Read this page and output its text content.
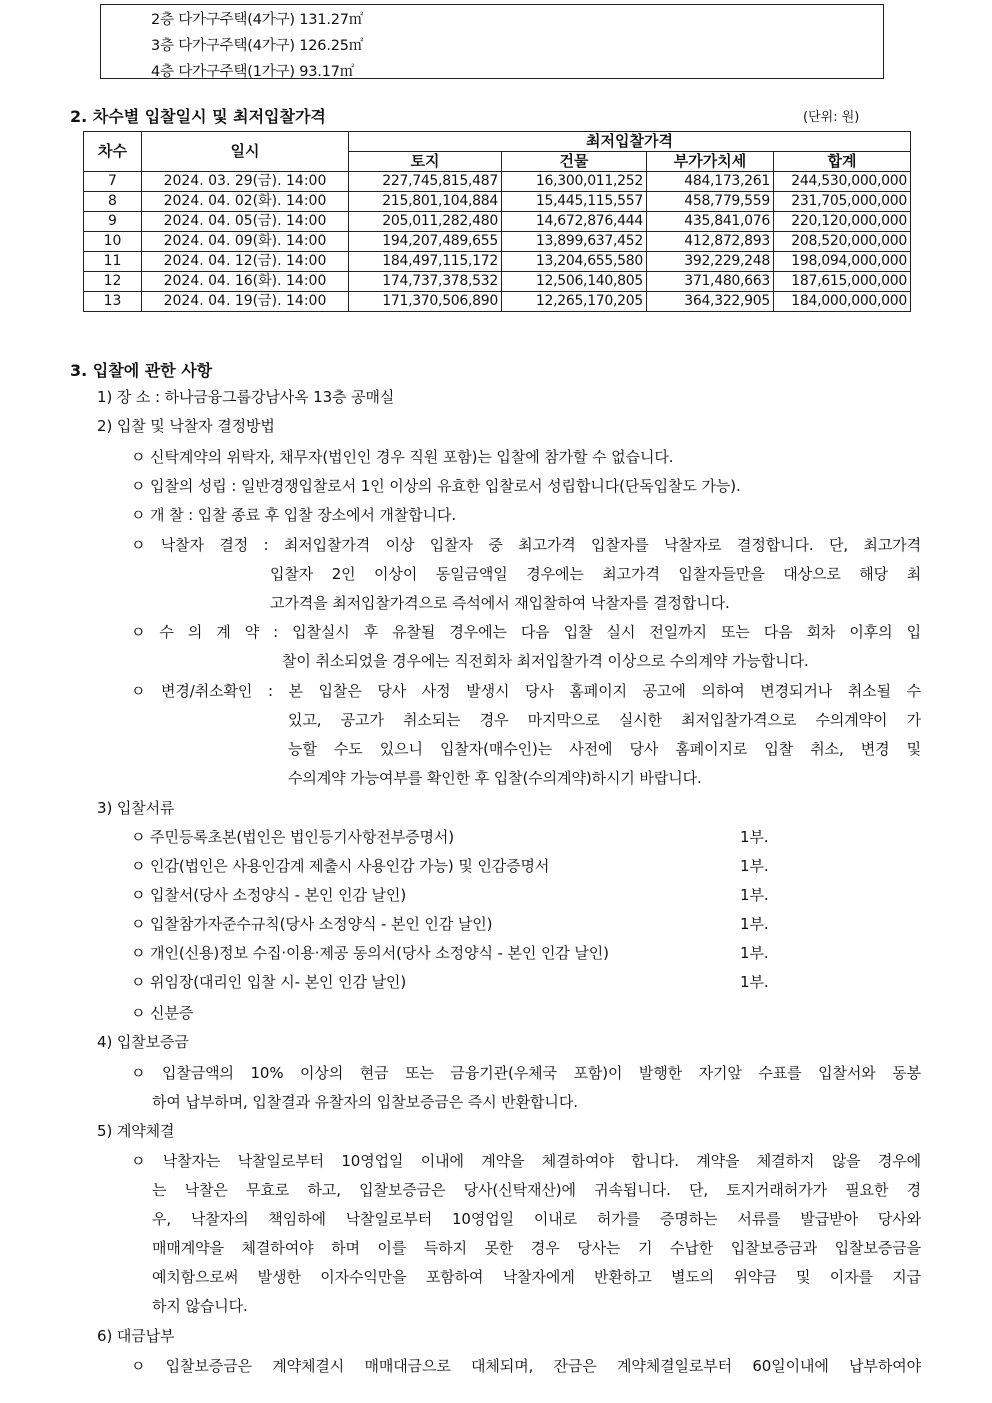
2층 다가구주택(4가구) 131.27㎡
3층 다가구주택(4가구) 126.25㎡
4층 다가구주택(1가구) 93.17㎡
2. 차수별 입찰일시 및 최저입찰가격	(단위: 원)
차수	일시	최저입찰가격			
		토지	건물	부가가치세	합계
7	2024. 03. 29(금). 14:00	227,745,815,487	16,300,011,252	484,173,261	244,530,000,000
8	2024. 04. 02(화). 14:00	215,801,104,884	15,445,115,557	458,779,559	231,705,000,000
9	2024. 04. 05(금). 14:00	205,011,282,480	14,672,876,444	435,841,076	220,120,000,000
10	2024. 04. 09(화). 14:00	194,207,489,655	13,899,637,452	412,872,893	208,520,000,000
11	2024. 04. 12(금). 14:00	184,497,115,172	13,204,655,580	392,229,248	198,094,000,000
12	2024. 04. 16(화). 14:00	174,737,378,532	12,506,140,805	371,480,663	187,615,000,000
13	2024. 04. 19(금). 14:00	171,370,506,890	12,265,170,205	364,322,905	184,000,000,000
3. 입찰에 관한 사항
1) 장 소 : 하나금융그룹강남사옥 13층 공매실
2) 입찰 및 낙찰자 결정방법
ㅇ 신탁계약의 위탁자, 채무자(법인인 경우 직원 포함)는 입찰에 참가할 수 없습니다.
ㅇ 입찰의 성립 : 일반경쟁입찰로서 1인 이상의 유효한 입찰로서 성립합니다(단독입찰도 가능).
ㅇ 개 찰 : 입찰 종료 후 입찰 장소에서 개찰합니다.
ㅇ 낙찰자 결정 : 최저입찰가격 이상 입찰자 중 최고가격 입찰자를 낙찰자로 결정합니다. 단, 최고가격
입찰자 2인 이상이 동일금액일 경우에는 최고가격 입찰자들만을 대상으로 해당 최
고가격을 최저입찰가격으로 즉석에서 재입찰하여 낙찰자를 결정합니다.
ㅇ 수 의 계 약 : 입찰실시 후 유찰될 경우에는 다음 입찰 실시 전일까지 또는 다음 회차 이후의 입
찰이 취소되었을 경우에는 직전회차 최저입찰가격 이상으로 수의계약 가능합니다.
ㅇ 변경/취소확인 : 본 입찰은 당사 사정 발생시 당사 홈페이지 공고에 의하여 변경되거나 취소될 수
있고, 공고가 취소되는 경우 마지막으로 실시한 최저입찰가격으로 수의계약이 가
능할 수도 있으니 입찰자(매수인)는 사전에 당사 홈페이지로 입찰 취소, 변경 및
수의계약 가능여부를 확인한 후 입찰(수의계약)하시기 바랍니다.
3) 입찰서류
ㅇ 주민등록초본(법인은 법인등기사항전부증명서)	1부.
ㅇ 인감(법인은 사용인감계 제출시 사용인감 가능) 및 인감증명서	1부.
ㅇ 입찰서(당사 소정양식 - 본인 인감 날인)	1부.
ㅇ 입찰참가자준수규칙(당사 소정양식 - 본인 인감 날인)	1부.
ㅇ 개인(신용)정보 수집·이용·제공 동의서(당사 소정양식 - 본인 인감 날인)	1부.
ㅇ 위임장(대리인 입찰 시- 본인 인감 날인)	1부.
ㅇ 신분증
4) 입찰보증금
ㅇ 입찰금액의 10% 이상의 현금 또는 금융기관(우체국 포함)이 발행한 자기앞 수표를 입찰서와 동봉
하여 납부하며, 입찰결과 유찰자의 입찰보증금은 즉시 반환합니다.
5) 계약체결
ㅇ 낙찰자는 낙찰일로부터 10영업일 이내에 계약을 체결하여야 합니다. 계약을 체결하지 않을 경우에
는 낙찰은 무효로 하고, 입찰보증금은 당사(신탁재산)에 귀속됩니다. 단, 토지거래허가가 필요한 경
우, 낙찰자의 책임하에 낙찰일로부터 10영업일 이내로 허가를 증명하는 서류를 발급받아 당사와
매매계약을 체결하여야 하며 이를 득하지 못한 경우 당사는 기 수납한 입찰보증금과 입찰보증금을
예치함으로써 발생한 이자수익만을 포함하여 낙찰자에게 반환하고 별도의 위약금 및 이자를 지급
하지 않습니다.
6) 대금납부
ㅇ 입찰보증금은 계약체결시 매매대금으로 대체되며, 잔금은 계약체결일로부터 60일이내에 납부하여야
